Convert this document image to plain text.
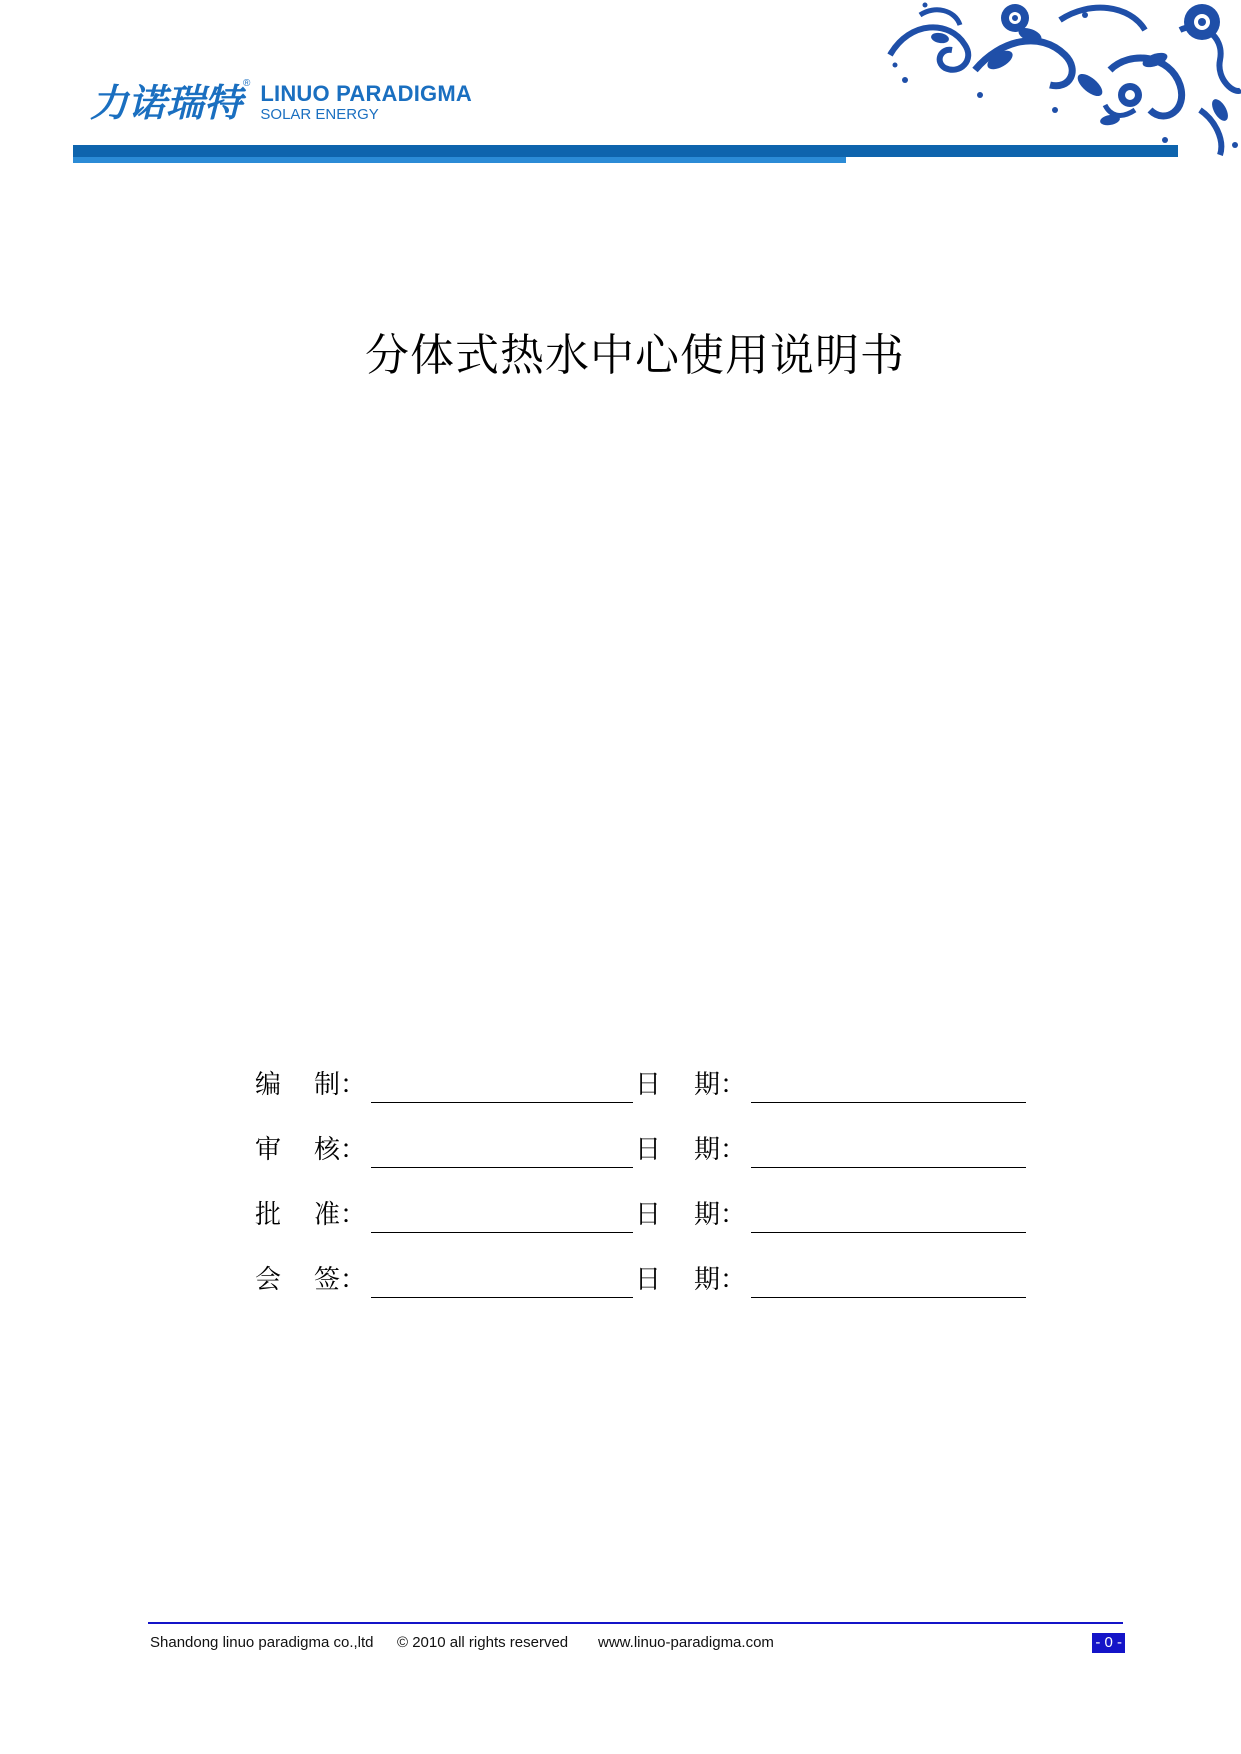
力诺瑞特 ® LINUO PARADIGMA
SOLAR ENERGY
分体式热水中心使用说明书
编    制：	日    期：
审    核：	日    期：
批    准：	日    期：
会    签：	日    期：
Shandong linuo paradigma co.,ltd © 2010 all rights reserved www.linuo-paradigma.com	- 0 -
